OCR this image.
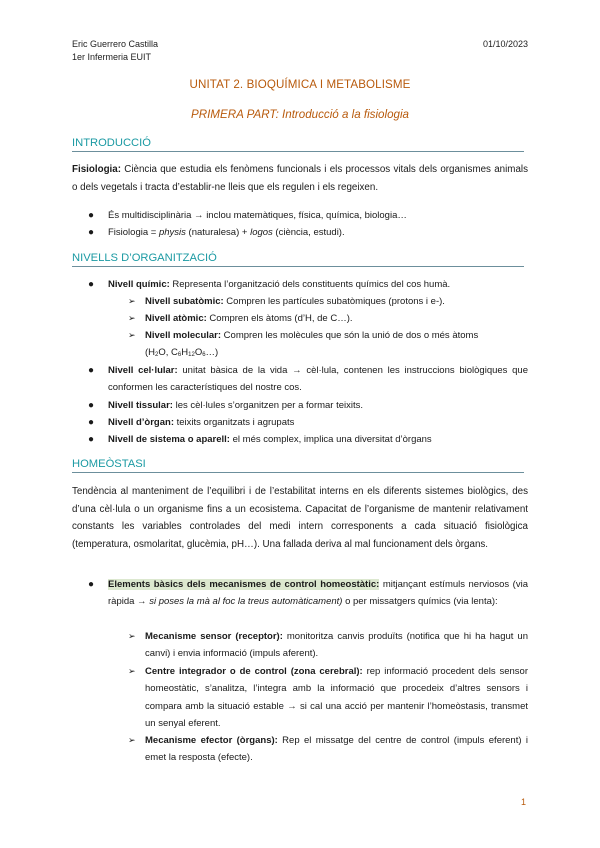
Eric Guerrero Castilla
1er Infermeria EUIT
01/10/2023
UNITAT 2. BIOQUÍMICA I METABOLISME
PRIMERA PART: Introducció a la fisiologia
INTRODUCCIÓ
Fisiologia: Ciència que estudia els fenòmens funcionals i els processos vitals dels organismes animals o dels vegetals i tracta d’establir-ne lleis que els regulen i els regeixen.
● És multidisciplinària → inclou matemàtiques, física, química, biologia…
● Fisiologia = physis (naturalesa) + logos (ciència, estudi).
NIVELLS D’ORGANITZACIÓ
● Nivell químic: Representa l’organització dels constituents químics del cos humà.
➢ Nivell subatòmic: Compren les partícules subatòmiques (protons i e-).
➢ Nivell atòmic: Compren els àtoms (d’H, de C…).
➢ Nivell molecular: Compren les molècules que són la unió de dos o més àtoms
($H_2O$, $C_6H_{12}O_6\dots$)
● Nivell cel·lular: unitat bàsica de la vida → cèl·lula, contenen les instruccions biològiques que conformen les característiques del nostre cos.
● Nivell tissular: les cèl·lules s’organitzen per a formar teixits.
● Nivell d’òrgan: teixits organitzats i agrupats
● Nivell de sistema o aparell: el més complex, implica una diversitat d’òrgans
HOMEÒSTASI
Tendència al manteniment de l’equilibri i de l’estabilitat interns en els diferents sistemes biològics, des d’una cèl·lula o un organisme fins a un ecosistema. Capacitat de l’organisme de mantenir relativament constants les variables controlades del medi intern corresponents a cada situació fisiològica (temperatura, osmolaritat, glucèmia, pH…). Una fallada deriva al mal funcionament dels òrgans.
● Elements bàsics dels mecanismes de control homeostàtic: mitjançant estímuls nerviosos (via ràpida → si poses la mà al foc la treus automàticament) o per missatgers químics (via lenta):
➢ Mecanisme sensor (receptor): monitoritza canvis produïts (notifica que hi ha hagut un canvi) i envia informació (impuls aferent).
➢ Centre integrador o de control (zona cerebral): rep informació procedent dels sensor homeostàtic, s’analitza, l’integra amb la informació que procedeix d’altres sensors i compara amb la situació estable → si cal una acció per mantenir l’homeòstasis, transmet un senyal eferent.
➢ Mecanisme efector (òrgans): Rep el missatge del centre de control (impuls eferent) i emet la resposta (efecte).
1
